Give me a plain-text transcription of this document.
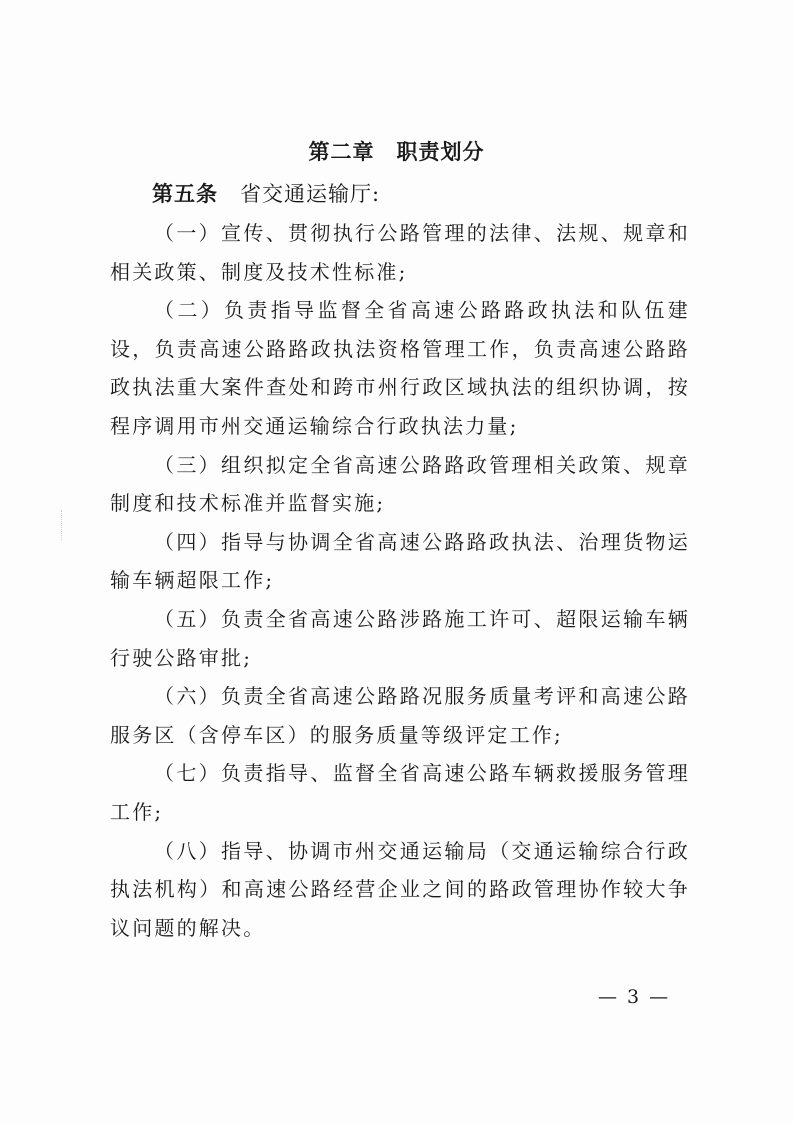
第二章 职责划分
第五条 省交通运输厅:

（一）宣传、贯彻执行公路管理的法律、法规、规章和相关政策、制度及技术性标准;

（二）负责指导监督全省高速公路路政执法和队伍建设，负责高速公路路政执法资格管理工作，负责高速公路路政执法重大案件查处和跨市州行政区域执法的组织协调，按程序调用市州交通运输综合行政执法力量;

（三）组织拟定全省高速公路路政管理相关政策、规章制度和技术标准并监督实施;

（四）指导与协调全省高速公路路政执法、治理货物运输车辆超限工作;

（五）负责全省高速公路涉路施工许可、超限运输车辆行驶公路审批;

（六）负责全省高速公路路况服务质量考评和高速公路服务区（含停车区）的服务质量等级评定工作;

（七）负责指导、监督全省高速公路车辆救援服务管理工作;

（八）指导、协调市州交通运输局（交通运输综合行政执法机构）和高速公路经营企业之间的路政管理协作较大争议问题的解决。

— 3 —
